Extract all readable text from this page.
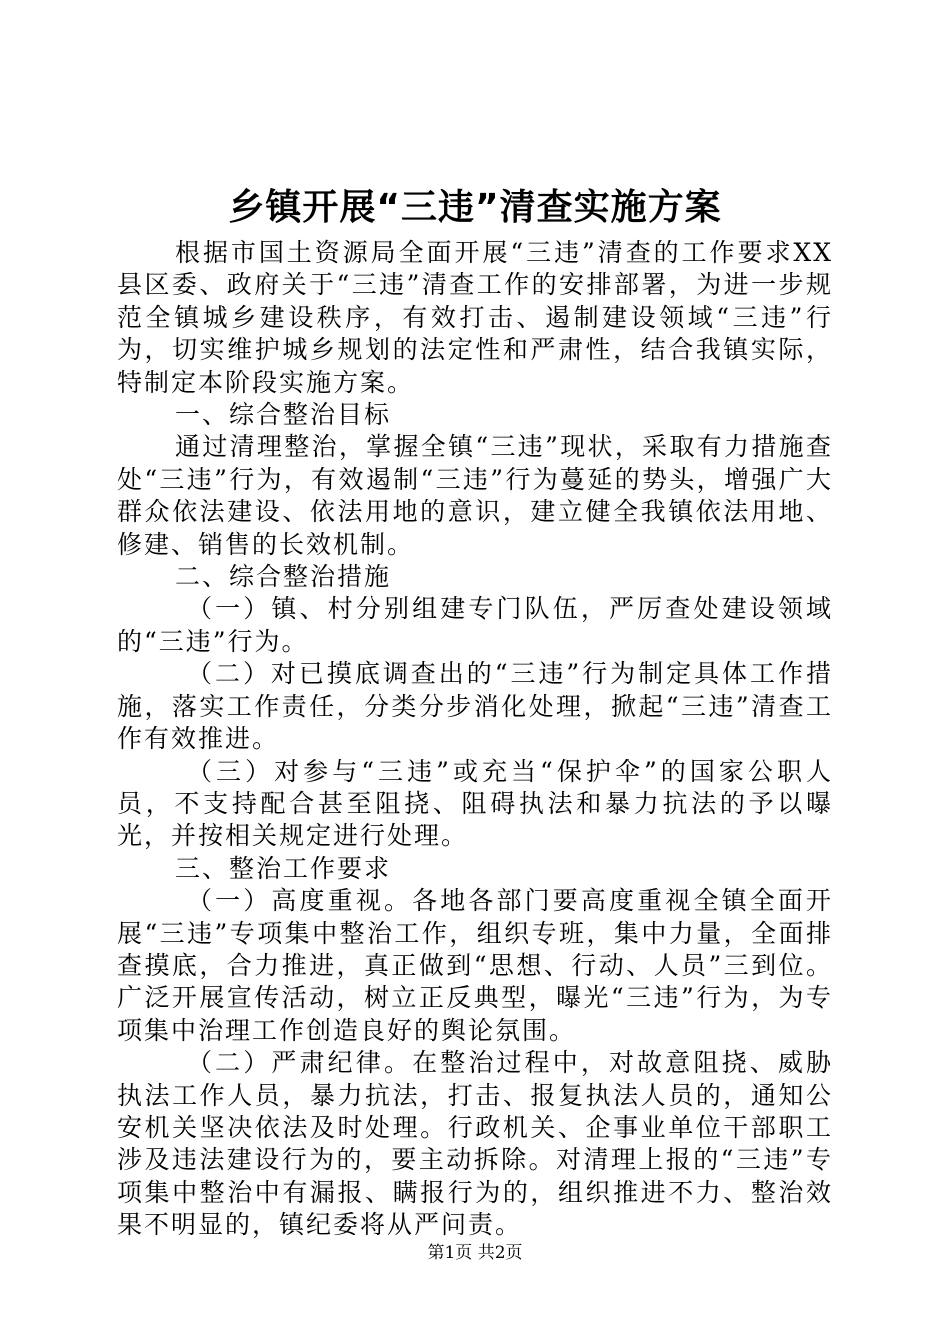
乡镇开展“三违”清查实施方案

根据市国土资源局全面开展“三违”清查的工作要求XX县区委、政府关于“三违”清查工作的安排部署，为进一步规范全镇城乡建设秩序，有效打击、遏制建设领域“三违”行为，切实维护城乡规划的法定性和严肃性，结合我镇实际，特制定本阶段实施方案。

一、综合整治目标

通过清理整治，掌握全镇“三违”现状，采取有力措施查处“三违”行为，有效遏制“三违”行为蔓延的势头，增强广大群众依法建设、依法用地的意识，建立健全我镇依法用地、修建、销售的长效机制。

二、综合整治措施

（一）镇、村分别组建专门队伍，严厉查处建设领域的“三违”行为。

（二）对已摸底调查出的“三违”行为制定具体工作措施，落实工作责任，分类分步消化处理，掀起“三违”清查工作有效推进。

（三）对参与“三违”或充当“保护伞”的国家公职人员，不支持配合甚至阻挠、阻碍执法和暴力抗法的予以曝光，并按相关规定进行处理。

三、整治工作要求

（一）高度重视。各地各部门要高度重视全镇全面开展“三违”专项集中整治工作，组织专班，集中力量，全面排查摸底，合力推进，真正做到“思想、行动、人员”三到位。广泛开展宣传活动，树立正反典型，曝光“三违”行为，为专项集中治理工作创造良好的舆论氛围。

（二）严肃纪律。在整治过程中，对故意阻挠、威胁执法工作人员，暴力抗法，打击、报复执法人员的，通知公安机关坚决依法及时处理。行政机关、企事业单位干部职工涉及违法建设行为的，要主动拆除。对清理上报的“三违”专项集中整治中有漏报、瞒报行为的，组织推进不力、整治效果不明显的，镇纪委将从严问责。

第1页 共2页
